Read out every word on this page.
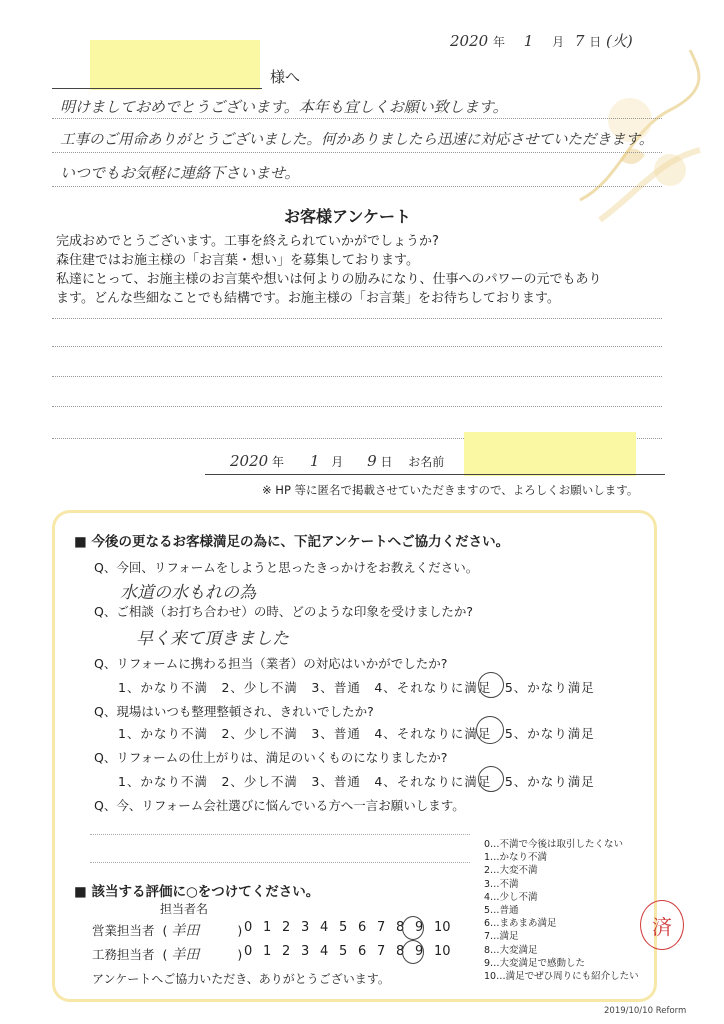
2020 年 1 月 7 日 (火)
様へ
明けましておめでとうございます。本年も宜しくお願い致します。
工事のご用命ありがとうございました。何かありましたら迅速に対応させていただきます。
いつでもお気軽に連絡下さいませ。
お客様アンケート
完成おめでとうございます。工事を終えられていかがでしょうか?
森住建ではお施主様の「お言葉・想い」を募集しております。
私達にとって、お施主様のお言葉や想いは何よりの励みになり、仕事へのパワーの元でもあり
ます。どんな些細なことでも結構です。お施主様の「お言葉」をお待ちしております。
2020 年 1 月 9 日 お名前
※ HP 等に匿名で掲載させていただきますので、よろしくお願いします。
■ 今後の更なるお客様満足の為に、下記アンケートへご協力ください。
Q、今回、リフォームをしようと思ったきっかけをお教えください。
水道の水もれの為
Q、ご相談（お打ち合わせ）の時、どのような印象を受けましたか?
早く来て頂きました
Q、リフォームに携わる担当（業者）の対応はいかがでしたか?
1、かなり不満　2、少し不満　3、普通　4、それなりに満足　5、かなり満足
Q、現場はいつも整理整頓され、きれいでしたか?
1、かなり不満　2、少し不満　3、普通　4、それなりに満足　5、かなり満足
Q、リフォームの仕上がりは、満足のいくものになりましたか?
1、かなり不満　2、少し不満　3、普通　4、それなりに満足　5、かなり満足
Q、今、リフォーム会社選びに悩んでいる方へ一言お願いします。
■ 該当する評価に○をつけてください。
担当者名
営業担当者 ( 羊田	)
工務担当者 ( 羊田	)
0 1 2 3 4 5 6 7 8 9 10
0 1 2 3 4 5 6 7 8 9 10
アンケートへご協力いただき、ありがとうございます。
0…不満で今後は取引したくない
1…かなり不満
2…大変不満
3…不満
4…少し不満
5…普通
6…まあまあ満足
7…満足
8…大変満足
9…大変満足で感動した
10…満足でぜひ周りにも紹介したい
済
2019/10/10 Reform
